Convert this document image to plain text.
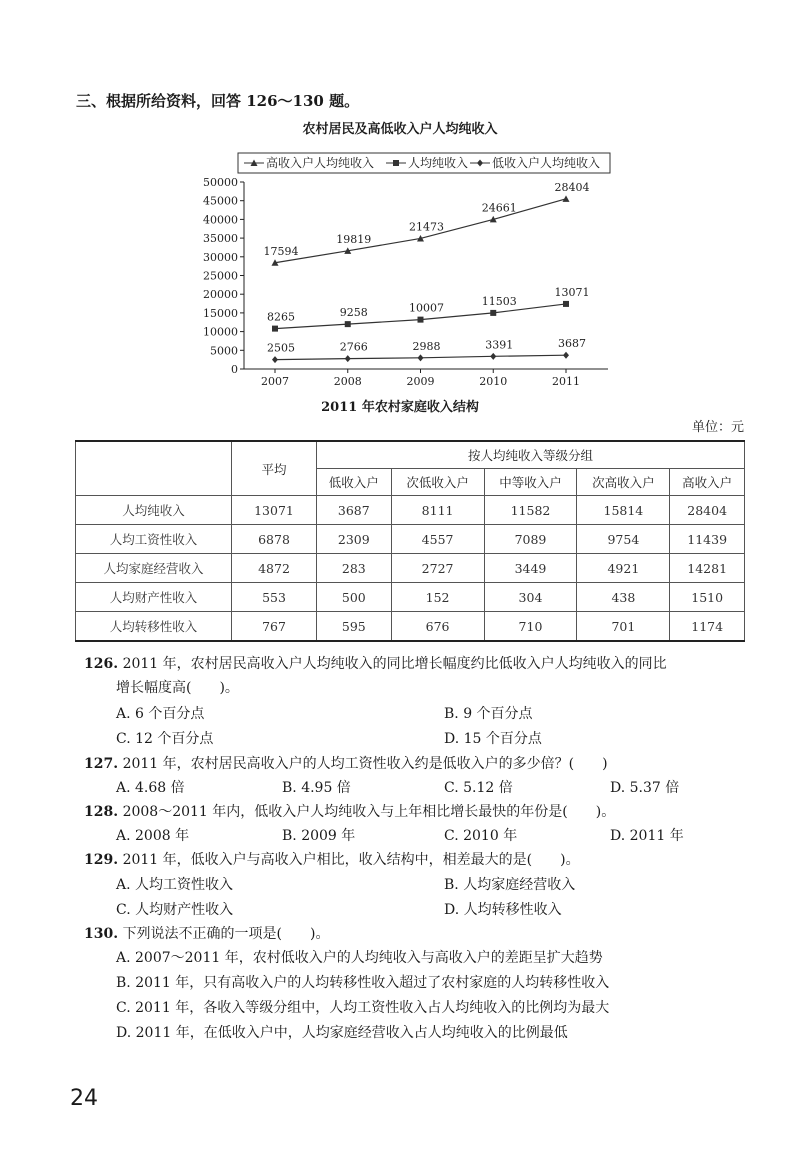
三、根据所给资料，回答 126～130 题。
农村居民及高低收入户人均纯收入
0
5000
10000
15000
20000
25000
30000
35000
40000
45000
50000
2007	2008	2009	2010	2011
高收入户人均纯收入	人均纯收入 低收入户人均纯收入
17594
19819
21473
24661
28404
8265	9258	10007
11503
13071
2505	2766	2988	3391	3687
2011 年农村家庭收入结构
单位：元
	平均	按人均纯收入等级分组				
		低收入户	次低收入户	中等收入户	次高收入户	高收入户
人均纯收入	13071	3687	8111	11582	15814	28404
人均工资性收入	6878	2309	4557	7089	9754	11439
人均家庭经营收入	4872	283	2727	3449	4921	14281
人均财产性收入	553	500	152	304	438	1510
人均转移性收入	767	595	676	710	701	1174
126. 2011 年，农村居民高收入户人均纯收入的同比增长幅度约比低收入户人均纯收入的同比
增长幅度高(　　)。
A. 6 个百分点	B. 9 个百分点
C. 12 个百分点	D. 15 个百分点
127. 2011 年，农村居民高收入户的人均工资性收入约是低收入户的多少倍？(　　)
A. 4.68 倍	B. 4.95 倍	C. 5.12 倍	D. 5.37 倍
128. 2008～2011 年内，低收入户人均纯收入与上年相比增长最快的年份是(　　)。
A. 2008 年	B. 2009 年	C. 2010 年	D. 2011 年
129. 2011 年，低收入户与高收入户相比，收入结构中，相差最大的是(　　)。
A. 人均工资性收入	B. 人均家庭经营收入
C. 人均财产性收入	D. 人均转移性收入
130. 下列说法不正确的一项是(　　)。
A. 2007～2011 年，农村低收入户的人均纯收入与高收入户的差距呈扩大趋势
B. 2011 年，只有高收入户的人均转移性收入超过了农村家庭的人均转移性收入
C. 2011 年，各收入等级分组中，人均工资性收入占人均纯收入的比例均为最大
D. 2011 年，在低收入户中，人均家庭经营收入占人均纯收入的比例最低
24
